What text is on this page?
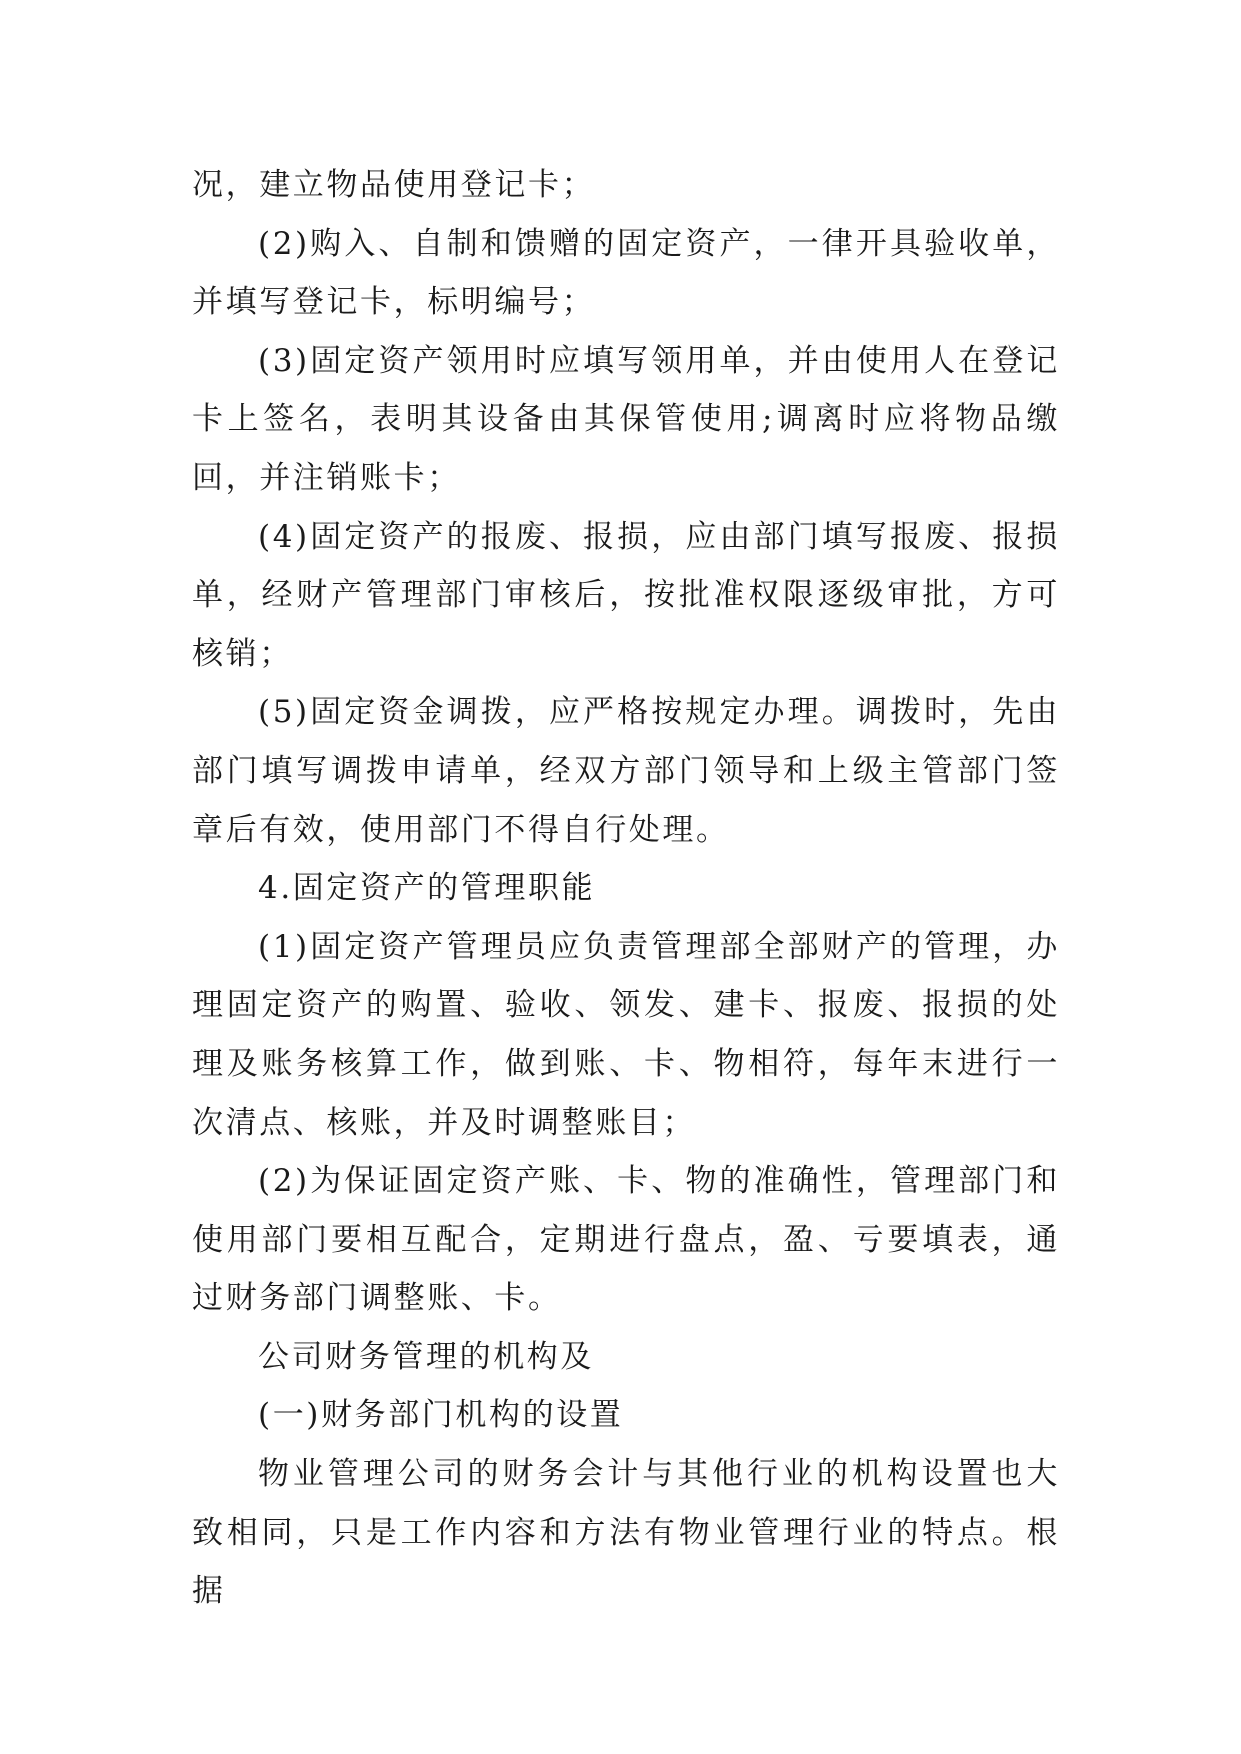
况，建立物品使用登记卡；

(2)购入、自制和馈赠的固定资产，一律开具验收单，并填写登记卡，标明编号；

(3)固定资产领用时应填写领用单，并由使用人在登记卡上签名，表明其设备由其保管使用;调离时应将物品缴回，并注销账卡；

(4)固定资产的报废、报损，应由部门填写报废、报损单，经财产管理部门审核后，按批准权限逐级审批，方可核销；

(5)固定资金调拨，应严格按规定办理。调拨时，先由部门填写调拨申请单，经双方部门领导和上级主管部门签章后有效，使用部门不得自行处理。

4.固定资产的管理职能

(1)固定资产管理员应负责管理部全部财产的管理，办理固定资产的购置、验收、领发、建卡、报废、报损的处理及账务核算工作，做到账、卡、物相符，每年末进行一次清点、核账，并及时调整账目；

(2)为保证固定资产账、卡、物的准确性，管理部门和使用部门要相互配合，定期进行盘点，盈、亏要填表，通过财务部门调整账、卡。

公司财务管理的机构及

(一)财务部门机构的设置

物业管理公司的财务会计与其他行业的机构设置也大致相同，只是工作内容和方法有物业管理行业的特点。根据
